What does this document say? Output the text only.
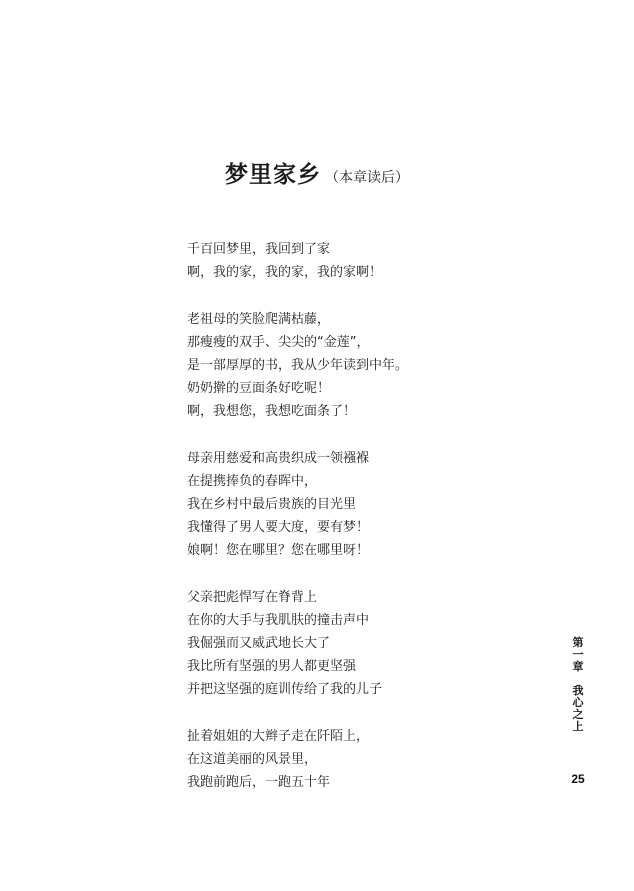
梦里家乡 （本章读后）
千百回梦里，我回到了家
啊，我的家，我的家，我的家啊！
老祖母的笑脸爬满枯藤，
那瘦瘦的双手、尖尖的“金莲”，
是一部厚厚的书，我从少年读到中年。
奶奶擀的豆面条好吃呢！
啊，我想您，我想吃面条了！
母亲用慈爱和高贵织成一领襁褓
在提携捧负的春晖中，
我在乡村中最后贵族的目光里
我懂得了男人要大度，要有梦！
娘啊！您在哪里？您在哪里呀！
父亲把彪悍写在脊背上
在你的大手与我肌肤的撞击声中
我倔强而又威武地长大了
我比所有坚强的男人都更坚强
并把这坚强的庭训传给了我的儿子
扯着姐姐的大辫子走在阡陌上，
在这道美丽的风景里，
我跑前跑后，一跑五十年
第
一
章
我
心
之
上
25
